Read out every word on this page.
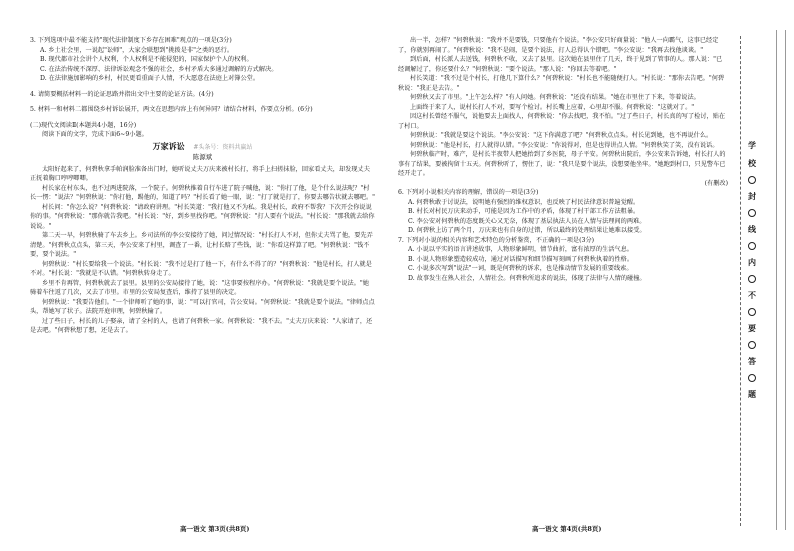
3. 下列选项中最不能支持"现代法律制度下乡存在困难"观点的一项是(3分)

A. 乡土社会里，一说起"讼师"，大家会联想到"挑拨是非"之类的恶行。

B. 现代都市社会讲个人权利，个人权利是不能侵犯的，国家保护个人的权利。

C. 在法治传统不深厚、法律诉讼观念不强的社会，乡村矛盾大多通过调解的方式解决。

D. 在法律施加影响的乡村，村民更看重面子人情，不大愿意在法庭上对簿公堂。

4. 请简要概括材料一的论证思路并指出文中主要的论证方法。(4分)

5. 材料一和材料二都围绕乡村诉讼展开，两文在思想内容上有何异同？请结合材料，作要点分析。(6分)

(二)现代文阅读Ⅱ(本题共4小题，16分)

阅读下面的文字，完成下面6~9小题。

万家诉讼 #头条号：资料共赢站
陈源斌

太阳好起来了，何碧秋拿手帕润脸准备出门时，她听说丈夫万庆来被村长打，将手上扫搓抹脸，回家看丈夫，却发现丈夫正抚着胸口哼哼唧唧。

村长家在村东头，也不过两进院落，一个院子。何碧秋推着自行车进了院子喊他，说："你打了他，是个什么说法呢？"村长一愣："说法？"何碧秋说："你打他，踢他的，知道了吗？"村长看了她一眼，说："打了就是打了，你要去哪告状就去哪吧。"

村长问："你怎么说？"何碧秋说："请政府讲理。"村长笑道："我打他又不为私。我是村长，政府不帮我？下次开会你说说你的事。"何碧秋说："那你就告我吧。"村长说："好，到乡里找你吧。"何碧秋说："打人要有个说法。"村长说："那我就去给你说说。"

第二天一早，何碧秋骑了车去乡上。乡司法所的李公安接待了她，问过情况说："村长打人不对，但你丈夫骂了他，要先弄清楚。"何碧秋点点头，第三天，李公安来了村里，调查了一番，让村长赔了些钱，说："你看这样算了吧。"何碧秋说："钱不要，要个说法。"

何碧秋说："村长要给我一个说法。"村长说："我不过是打了他一下，有什么不得了的？"何碧秋说："他是村长，打人就是不对。"村长说："我就是不认错。"何碧秋转身走了。

乡里不肯再管，何碧秋就去了县里。县里的公安局接待了她，说："这事要按程序办。"何碧秋说："我就是要个说法。"她骑着车往返了几次，又去了市里。市里的公安局复查后，维持了县里的决定。

何碧秋说："我要告他们。"一个律师听了她的事，说："可以打官司，告公安局。"何碧秋说："我就是要个说法。"律师点点头，帮她写了状子。法院开庭审理，何碧秋输了。

过了些日子，村长的儿子娶亲，请了全村的人，也请了何碧秋一家。何碧秋说："我不去。"丈夫万庆来说："人家请了，还是去吧。"何碧秋想了想，还是去了。

出一半，怎样？"何碧秋说："我并不是要钱，只要他有个说法。"李公安只好商量说："他人一向霸气，这事已经定了，你就别再闹了。"何碧秋说："我不是闹，是要个说法，打人总得认个错吧。"李公安说："我再去找他谈谈。"

到后面，村长派人去送钱，何碧秋不收，又去了县里。这次她在县里住了几天，终于见到了管事的人。那人说："已经调解过了，你还要什么？"何碧秋说："要个说法。"那人说："你回去等着吧。"

村长笑道："我不过是个村长，打他几下算什么？"何碧秋说："村长也不能随便打人。"村长说："那你去告吧。"何碧秋说："我正是去告。"

何碧秋又去了市里。"上午怎么样？"有人问她。何碧秋说："还没有结果。"她在市里住了下来，等着说法。

上面终于来了人，说村长打人不对，要写个检讨。村长嘴上应着，心里却不服。何碧秋说："这就对了。"

因这村长曾经不服气，说他要去上面找人，何碧秋说："你去找吧，我不怕。"过了些日子，村长真的写了检讨，贴在了村口。

何碧秋说："我就是要这个说法。"李公安说："这下你满意了吧？"何碧秋点点头。村长见到她，也不再说什么。

何碧秋说："他是村长，打人就得认错。"李公安说："你说得对，但是也得讲点人情。"何碧秋笑了笑，没有说话。

何碧秋临产时，难产，是村长半夜带人把她抬到了乡医院，母子平安。何碧秋出院后，李公安来告诉她，村长打人的事有了结果，要被拘留十五天。何碧秋听了，愣住了，说："我只是要个说法，没想要他坐牢。"她跑到村口，只见警车已经开走了。

(有删改)

6. 下列对小说相关内容的理解，错误的一项是(3分)

A. 何碧秋敢于讨说法，说明她有强烈的维权意识，也反映了村民法律意识普遍觉醒。

B. 村长对村民万庆来动手，可能是因为工作中的矛盾，体现了村干部工作方法粗暴。

C. 李公安对何碧秋的态度既关心又无奈，体现了基层执法人员在人情与法理间的两难。

D. 何碧秋上访了两个月，万庆来也有自身的过错，所以最终的处理结果让她难以接受。

7. 下列对小说的相关内容和艺术特色的分析鉴赏，不正确的一项是(3分)

A. 小说以平实的语言讲述故事，人物形象鲜明，情节曲折，富有浓厚的生活气息。

B. 小说人物形象塑造较成功，通过对话描写和细节描写刻画了何碧秋执着的性格。

C. 小说多次写到"说法"一词，既是何碧秋的诉求，也是推动情节发展的重要线索。

D. 故事发生在熟人社会，人情社会。何碧秋所追求的说法，体现了法律与人情的碰撞。

学
校
封
线
内
不
要
答
题
高一语文 第3页(共8页)	高一语文 第4页(共8页)
